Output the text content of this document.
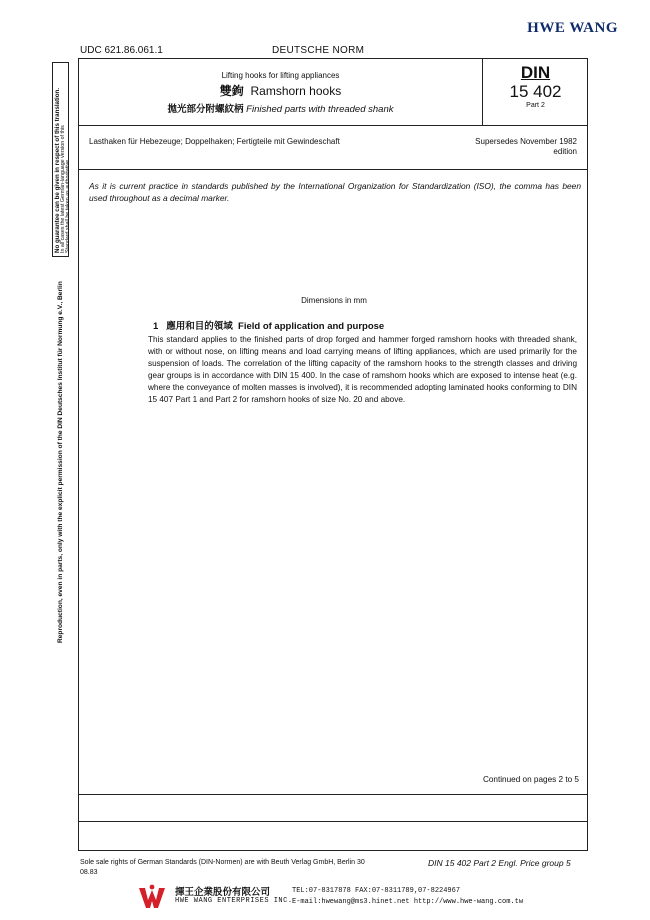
HWE WANG
UDC 621.86.061.1	DEUTSCHE NORM
No guarantee can be given in respect of this translation. In all cases the latest German-language version of this Standard shall be taken as authoritative.
Reproduction, even in parts, only with the explicit permission of the DIN Deutsches Institut für Normung e.V., Berlin
Lifting hooks for lifting appliances
雙鉤 Ramshorn hooks
拋光部分附螺紋柄 Finished parts with threaded shank
DIN
15 402
Part 2
Lasthaken für Hebezeuge; Doppelhaken; Fertigteile mit Gewindeschaft	Supersedes November 1982
edition
As it is current practice in standards published by the International Organization for Standardization (ISO), the comma has been used throughout as a decimal marker.
Dimensions in mm
1 應用和目的領域 Field of application and purpose
Continued on pages 2 to 5
This standard applies to the finished parts of drop forged and hammer forged ramshorn hooks with threaded shank, with or without nose, on lifting means and load carrying means of lifting appliances, which are used primarily for the suspension of loads. The correlation of the lifting capacity of the ramshorn hooks to the strength classes and driving gear groups is in accordance with DIN 15 400. In the case of ramshorn hooks which are exposed to intense heat (e.g. where the conveyance of molten masses is involved), it is recommended adopting laminated hooks conforming to DIN 15 407 Part 1 and Part 2 for ramshorn hooks of size No. 20 and above.
Sole sale rights of German Standards (DIN-Normen) are with Beuth Verlag GmbH, Berlin 30
08.83
DIN 15 402 Part 2 Engl. Price group 5
揮王企業股份有限公司
HWE WANG ENTERPRISES INC.
TEL:07-8317878 FAX:07-8311789,07-8224967
E-mail:hwewang@ms3.hinet.net http://www.hwe-wang.com.tw
